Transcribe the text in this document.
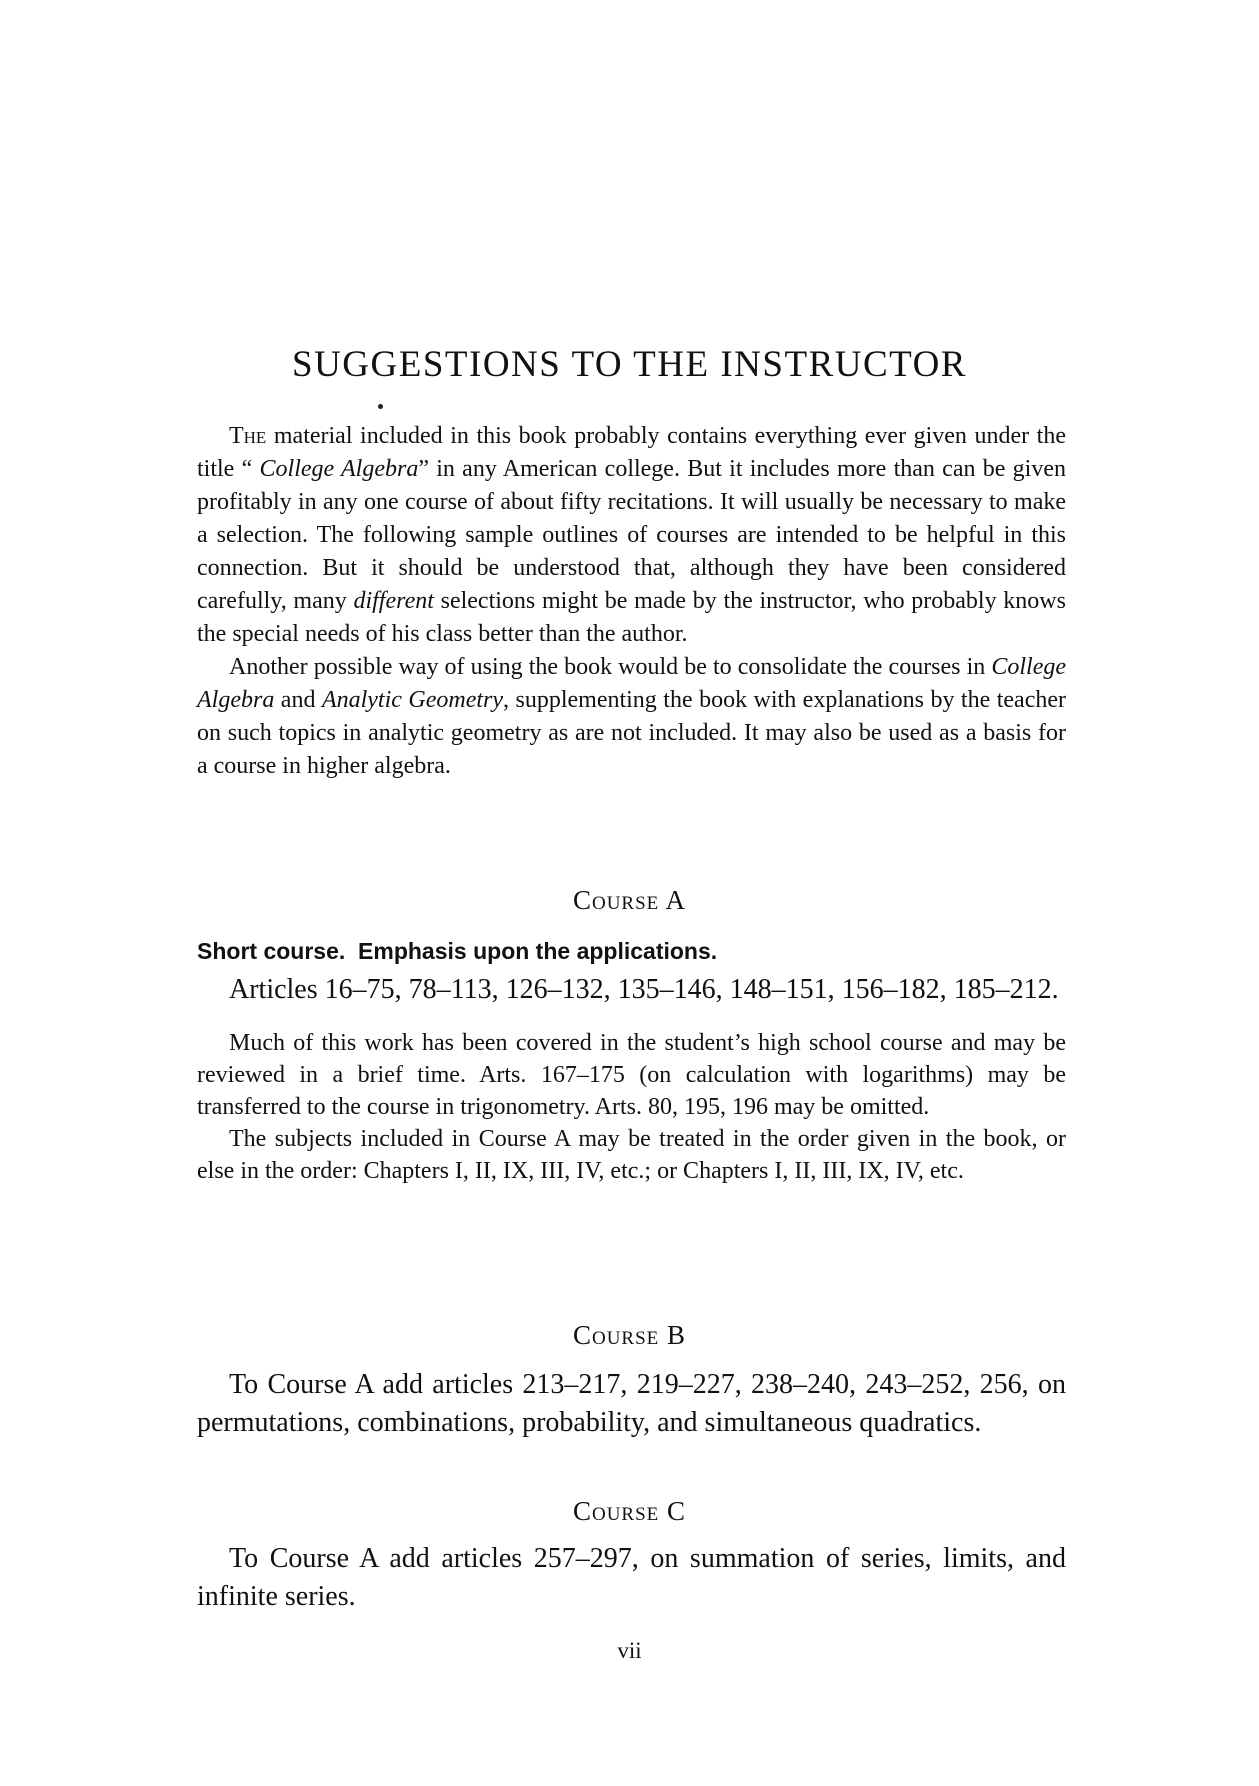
SUGGESTIONS TO THE INSTRUCTOR

The material included in this book probably contains everything ever given under the title “ College Algebra” in any American college. But it includes more than can be given profitably in any one course of about fifty recitations. It will usually be necessary to make a selection. The following sample outlines of courses are intended to be helpful in this connection. But it should be understood that, although they have been considered carefully, many different selections might be made by the instructor, who probably knows the special needs of his class better than the author.

Another possible way of using the book would be to consolidate the courses in College Algebra and Analytic Geometry, supplementing the book with explanations by the teacher on such topics in analytic geometry as are not included. It may also be used as a basis for a course in higher algebra.

Course A

Short course. Emphasis upon the applications.

Articles 16–75, 78–113, 126–132, 135–146, 148–151, 156–182, 185–212.

Much of this work has been covered in the student’s high school course and may be reviewed in a brief time. Arts. 167–175 (on calculation with logarithms) may be transferred to the course in trigonometry. Arts. 80, 195, 196 may be omitted.

The subjects included in Course A may be treated in the order given in the book, or else in the order: Chapters I, II, IX, III, IV, etc.; or Chapters I, II, III, IX, IV, etc.

Course B

To Course A add articles 213–217, 219–227, 238–240, 243–252, 256, on permutations, combinations, probability, and simultaneous quadratics.

Course C

To Course A add articles 257–297, on summation of series, limits, and infinite series.

vii
